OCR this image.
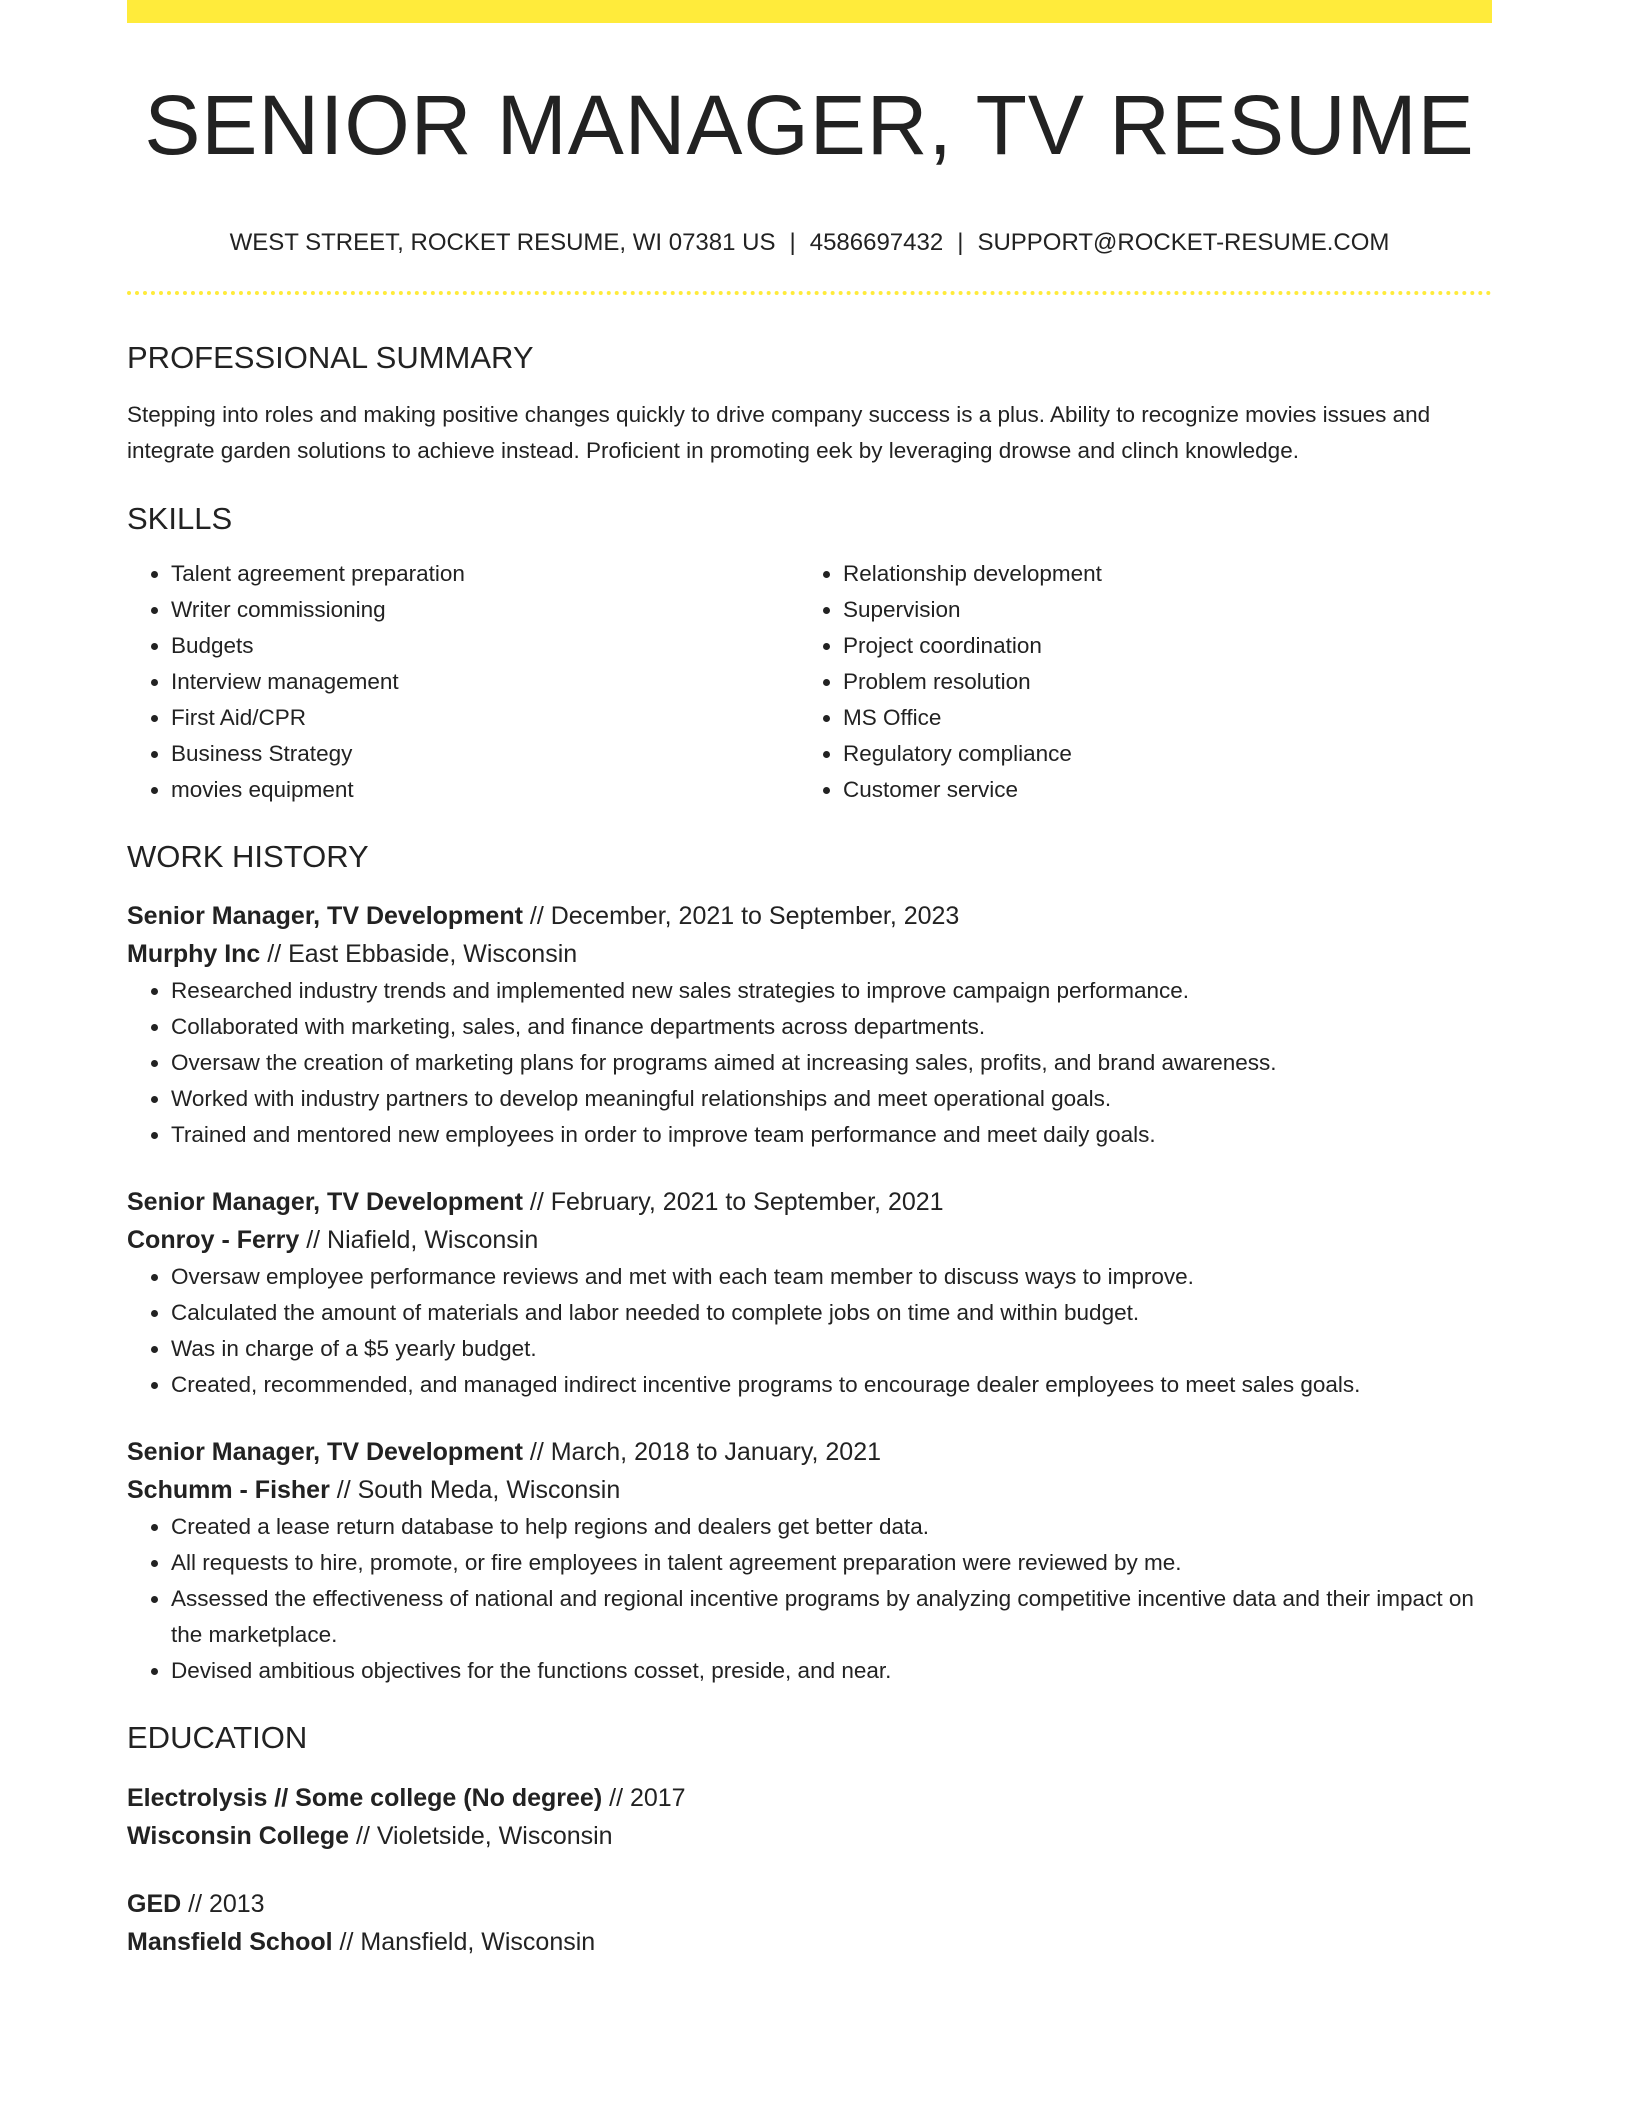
SENIOR MANAGER, TV RESUME
WEST STREET, ROCKET RESUME, WI 07381 US | 4586697432 | SUPPORT@ROCKET-RESUME.COM
PROFESSIONAL SUMMARY

Stepping into roles and making positive changes quickly to drive company success is a plus. Ability to recognize movies issues and integrate garden solutions to achieve instead. Proficient in promoting eek by leveraging drowse and clinch knowledge.

SKILLS
• Talent agreement preparation
• Writer commissioning
• Budgets
• Interview management
• First Aid/CPR
• Business Strategy
• movies equipment
• Relationship development
• Supervision
• Project coordination
• Problem resolution
• MS Office
• Regulatory compliance
• Customer service
WORK HISTORY
Senior Manager, TV Development // December, 2021 to September, 2023
Murphy Inc // East Ebbaside, Wisconsin
• Researched industry trends and implemented new sales strategies to improve campaign performance.
• Collaborated with marketing, sales, and finance departments across departments.
• Oversaw the creation of marketing plans for programs aimed at increasing sales, profits, and brand awareness.
• Worked with industry partners to develop meaningful relationships and meet operational goals.
• Trained and mentored new employees in order to improve team performance and meet daily goals.
Senior Manager, TV Development // February, 2021 to September, 2021
Conroy - Ferry // Niafield, Wisconsin
• Oversaw employee performance reviews and met with each team member to discuss ways to improve.
• Calculated the amount of materials and labor needed to complete jobs on time and within budget.
• Was in charge of a $5 yearly budget.
• Created, recommended, and managed indirect incentive programs to encourage dealer employees to meet sales goals.
Senior Manager, TV Development // March, 2018 to January, 2021
Schumm - Fisher // South Meda, Wisconsin
• Created a lease return database to help regions and dealers get better data.
• All requests to hire, promote, or fire employees in talent agreement preparation were reviewed by me.
• Assessed the effectiveness of national and regional incentive programs by analyzing competitive incentive data and their impact on the marketplace.
• Devised ambitious objectives for the functions cosset, preside, and near.
EDUCATION
Electrolysis // Some college (No degree) // 2017
Wisconsin College // Violetside, Wisconsin
GED // 2013
Mansfield School // Mansfield, Wisconsin
